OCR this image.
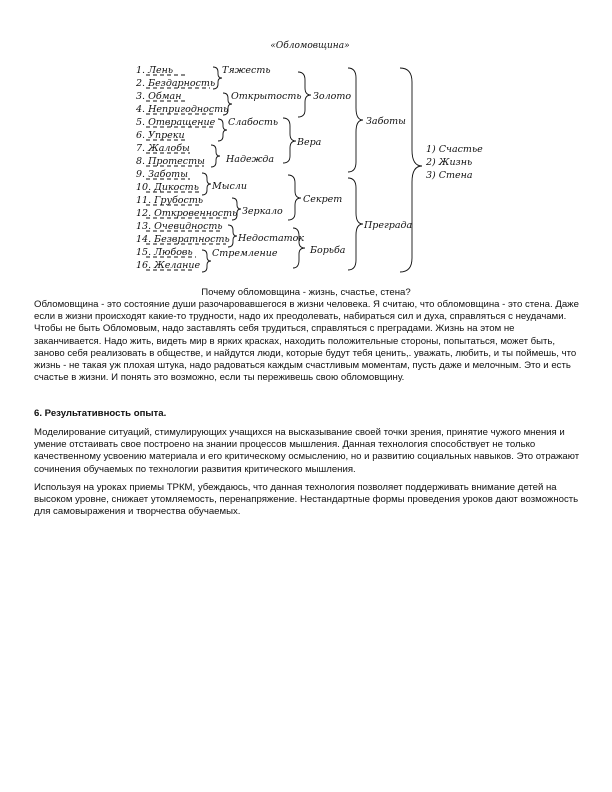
«Обломовщина»
1. Лень
2. Бездарность
3. Обман
4. Непригодность
5. Отвращение
6. Упреки
7. Жалобы
8. Протесты
9. Заботы
10. Дикость
11. Грубость
12. Откровенность
13. Очевидность
14. Безвратность
15. Любовь
16. Желание
Тяжесть
Открытость
Слабость
Надежда
Мысли
Зеркало
Недостаток
Стремление
Золото
Вера
Секрет
Борьба
Заботы
Преграда
1) Счастье
2) Жизнь
3) Стена
Почему обломовщина - жизнь, счастье, стена?

Обломовщина - это состояние души разочаровавшегося в жизни человека. Я считаю, что обломовщина - это стена. Даже если в жизни происходят какие-то трудности, надо их преодолевать, набираться сил и духа, справляться с неудачами. Чтобы не быть Обломовым, надо заставлять себя трудиться, справляться с преградами. Жизнь на этом не заканчивается. Надо жить, видеть мир в ярких красках, находить положительные стороны, попытаться, может быть, заново себя реализовать в обществе, и найдутся люди, которые будут тебя ценить,. уважать, любить, и ты поймешь, что жизнь - не такая уж плохая штука, надо радоваться каждым счастливым моментам, пусть даже и мелочным. Это и есть счастье в жизни. И понять это возможно, если ты переживешь свою обломовщину.

6. Результативность опыта.

Моделирование ситуаций, стимулирующих учащихся на высказывание своей точки зрения, принятие чужого мнения и умение отстаивать свое построено на знании процессов мышления. Данная технология способствует не только качественному усвоению материала и его критическому осмыслению, но и развитию социальных навыков. Это отражают сочинения обучаемых по технологии развития критического мышления.

Используя на уроках приемы ТРКМ, убеждаюсь, что данная технология позволяет поддерживать внимание детей на высоком уровне, снижает утомляемость, перенапряжение. Нестандартные формы проведения уроков дают возможность для самовыражения и творчества обучаемых.
